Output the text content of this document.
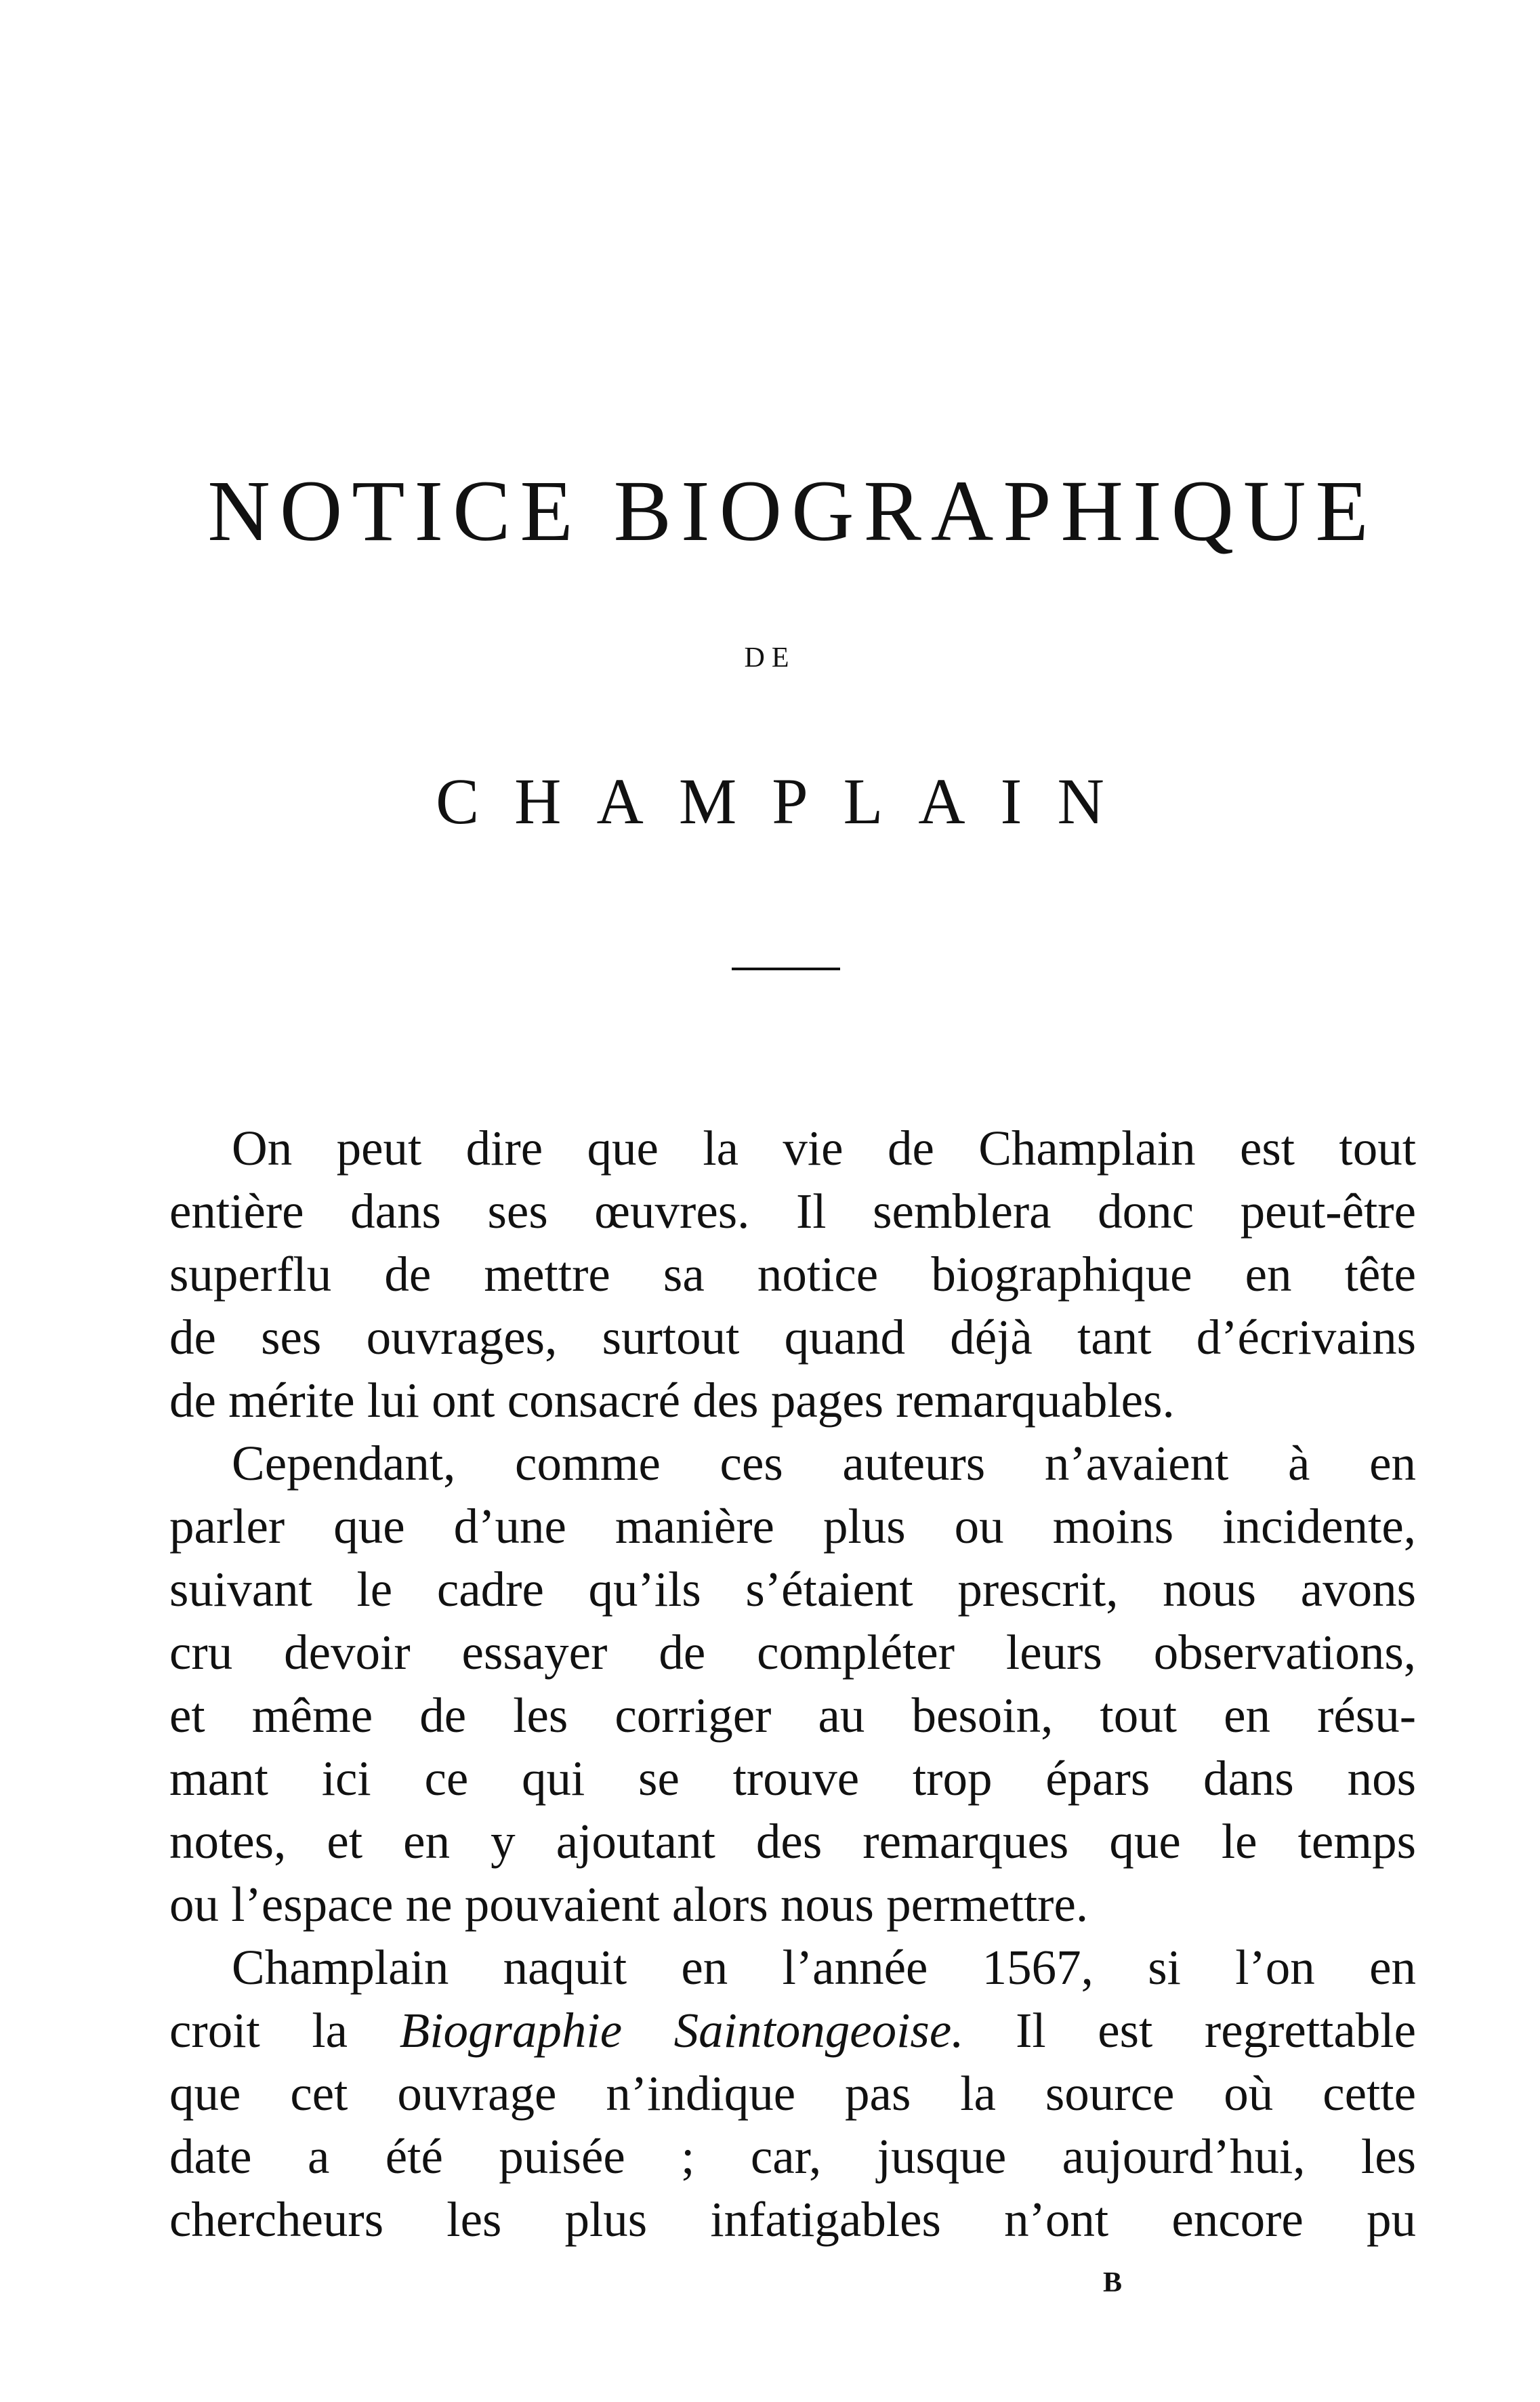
NOTICE BIOGRAPHIQUE
DE
CHAMPLAIN
On peut dire que la vie de Champlain est tout
entière dans ses œuvres. Il semblera donc peut-être
superflu de mettre sa notice biographique en tête
de ses ouvrages, surtout quand déjà tant d’écrivains
de mérite lui ont consacré des pages remarquables.
Cependant, comme ces auteurs n’avaient à en
parler que d’une manière plus ou moins incidente,
suivant le cadre qu’ils s’étaient prescrit, nous avons
cru devoir essayer de compléter leurs observations,
et même de les corriger au besoin, tout en résu-
mant ici ce qui se trouve trop épars dans nos
notes, et en y ajoutant des remarques que le temps
ou l’espace ne pouvaient alors nous permettre.
Champlain naquit en l’année 1567, si l’on en
croit la Biographie Saintongeoise. Il est regrettable
que cet ouvrage n’indique pas la source où cette
date a été puisée ; car, jusque aujourd’hui, les
chercheurs les plus infatigables n’ont encore pu
B
